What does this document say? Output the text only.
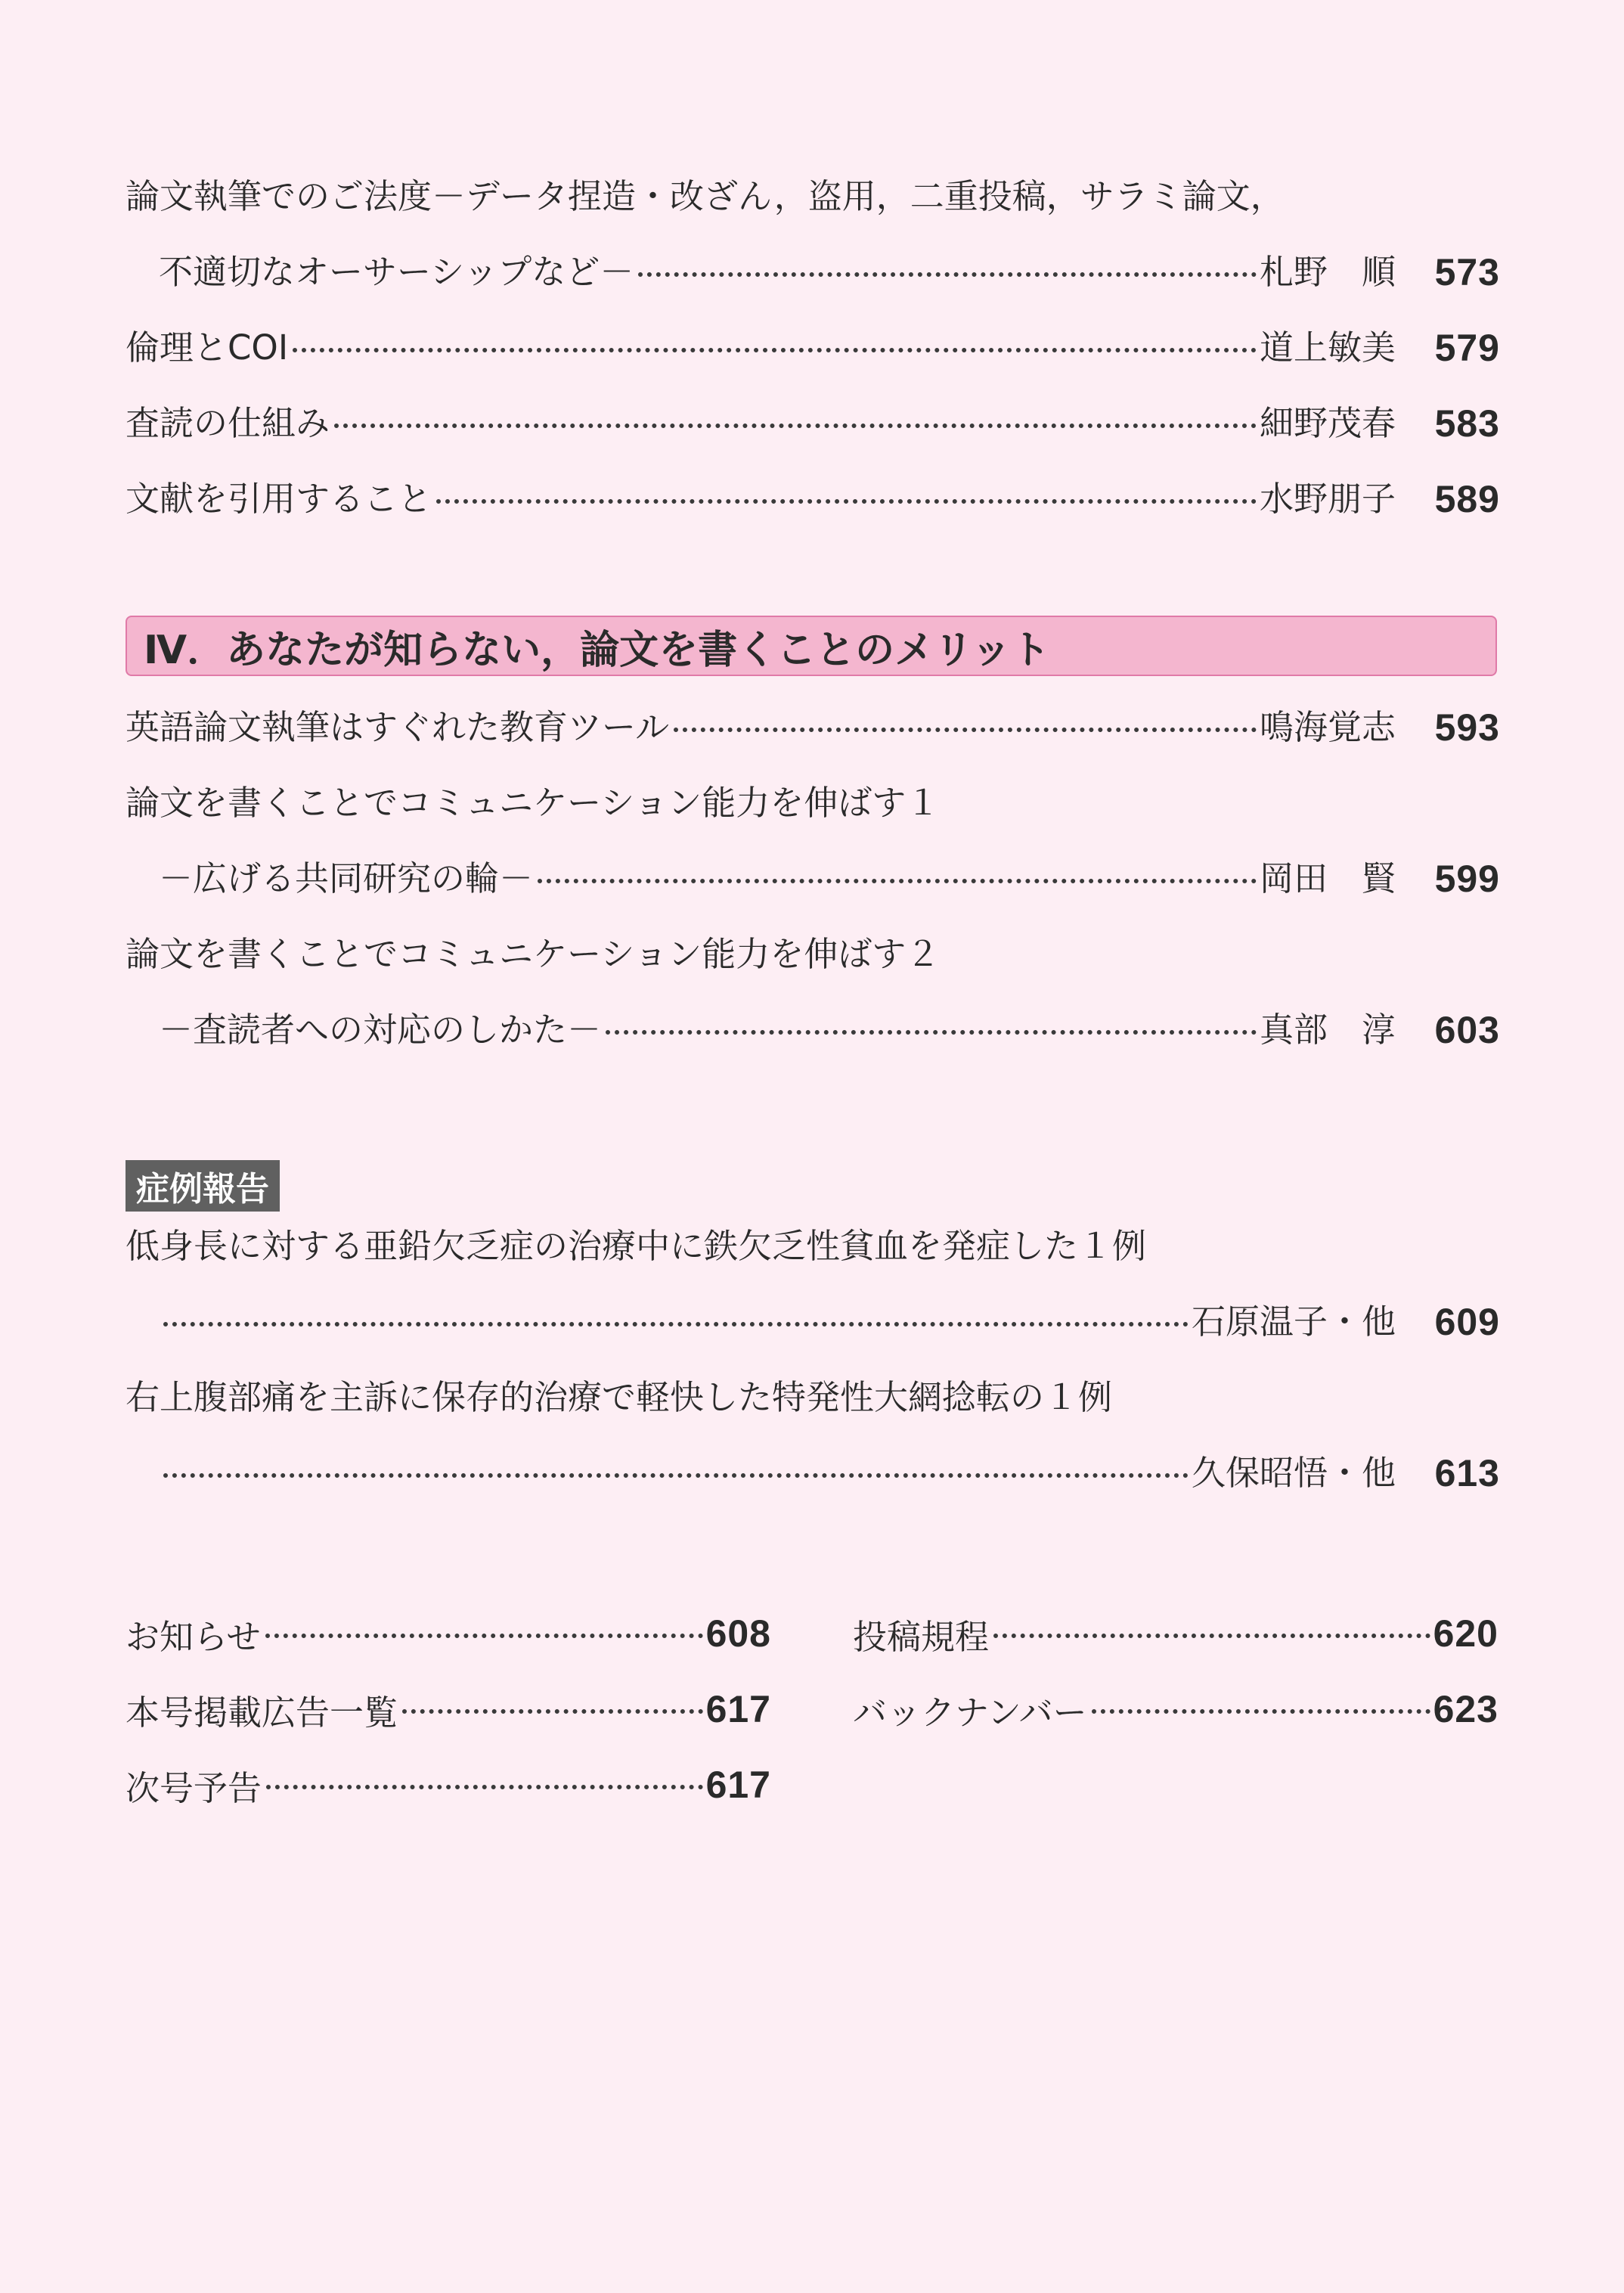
論文執筆でのご法度－データ捏造・改ざん，盗用，二重投稿，サラミ論文，
不適切なオーサーシップなど－	札野　順	573
倫理とCOI	道上敏美	579
査読の仕組み	細野茂春	583
文献を引用すること	水野朋子	589
Ⅳ．あなたが知らない，論文を書くことのメリット
英語論文執筆はすぐれた教育ツール	鳴海覚志	593
論文を書くことでコミュニケーション能力を伸ばす１
－広げる共同研究の輪－	岡田　賢	599
論文を書くことでコミュニケーション能力を伸ばす２
－査読者への対応のしかた－	真部　淳	603
症例報告
低身長に対する亜鉛欠乏症の治療中に鉄欠乏性貧血を発症した１例
石原温子・他	609
右上腹部痛を主訴に保存的治療で軽快した特発性大網捻転の１例
久保昭悟・他	613
お知らせ	608
本号掲載広告一覧	617
次号予告	617
投稿規程	620
バックナンバー	623
